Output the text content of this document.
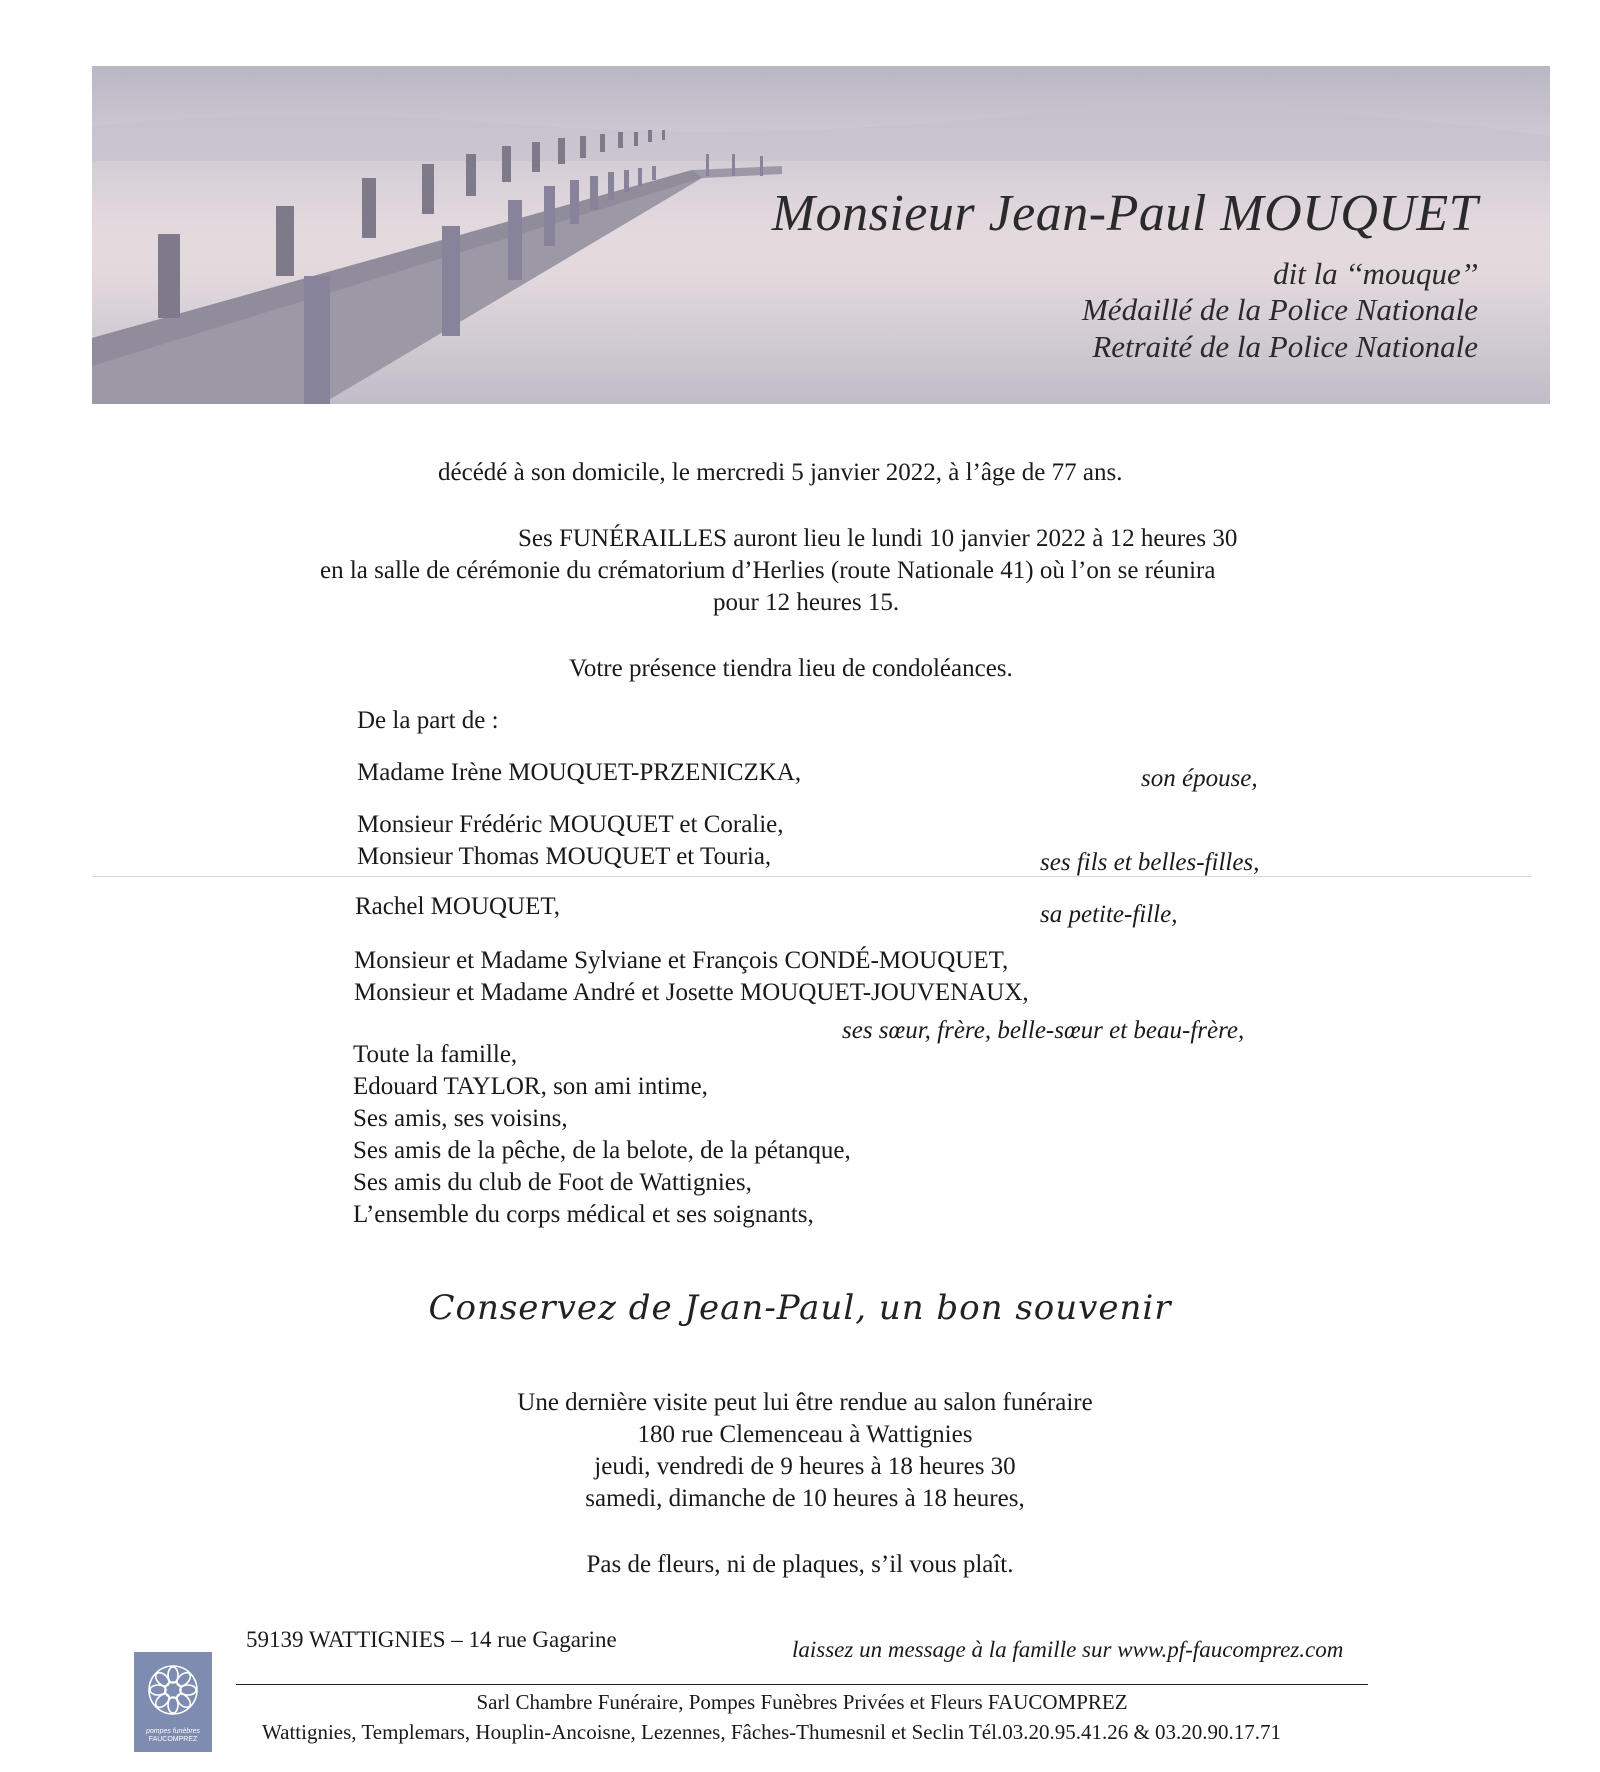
Monsieur Jean-Paul MOUQUET
dit la ‘‘mouque’’
Médaillé de la Police Nationale
Retraité de la Police Nationale
décédé à son domicile, le mercredi 5 janvier 2022, à l’âge de 77 ans.
Ses FUNÉRAILLES auront lieu le lundi 10 janvier 2022 à 12 heures 30
en la salle de cérémonie du crématorium d’Herlies (route Nationale 41) où l’on se réunira
pour 12 heures 15.
Votre présence tiendra lieu de condoléances.
De la part de :
Madame Irène MOUQUET-PRZENICZKA,	son épouse,
Monsieur Frédéric MOUQUET et Coralie,
Monsieur Thomas MOUQUET et Touria,	ses fils et belles-filles,
Rachel MOUQUET,	sa petite-fille,
Monsieur et Madame Sylviane et François CONDÉ-MOUQUET,
Monsieur et Madame André et Josette MOUQUET-JOUVENAUX,
ses sœur, frère, belle-sœur et beau-frère,
Toute la famille,
Edouard TAYLOR, son ami intime,
Ses amis, ses voisins,
Ses amis de la pêche, de la belote, de la pétanque,
Ses amis du club de Foot de Wattignies,
L’ensemble du corps médical et ses soignants,
Conservez de Jean-Paul, un bon souvenir
Une dernière visite peut lui être rendue au salon funéraire
180 rue Clemenceau à Wattignies
jeudi, vendredi de 9 heures à 18 heures 30
samedi, dimanche de 10 heures à 18 heures,
Pas de fleurs, ni de plaques, s’il vous plaît.
59139 WATTIGNIES – 14 rue Gagarine	laissez un message à la famille sur www.pf-faucomprez.com
pompes funèbres
FAUCOMPREZ
Sarl Chambre Funéraire, Pompes Funèbres Privées et Fleurs FAUCOMPREZ
Wattignies, Templemars, Houplin-Ancoisne, Lezennes, Fâches-Thumesnil et Seclin Tél.03.20.95.41.26 & 03.20.90.17.71
